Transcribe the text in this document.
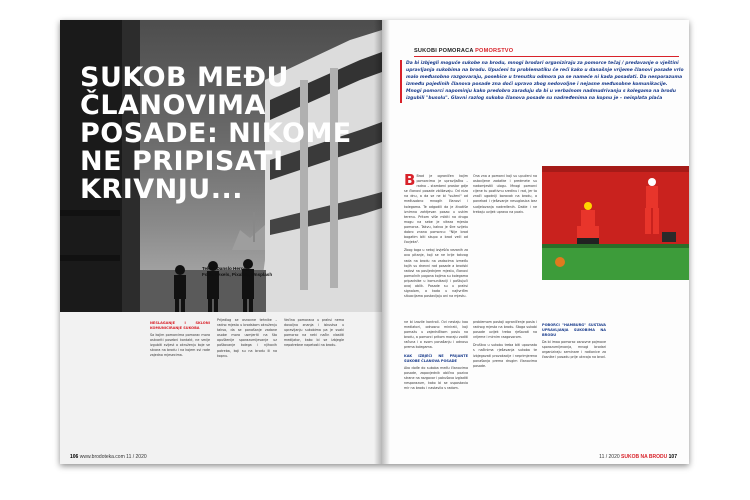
SUKOB MEĐU
ČLANOVIMA
POSADE: NIKOME
NE PRIPISATI
KRIVNJU...
Tekst: Danslo Herceg
Foto: Pexels, Pixabay, Unsplash
NESLAGANJE I SKLONI KOMUNICIRANJE SUKOBA

Sa kojim pomorcima pomorac mora ostvariti posebni kontakt, ne smije izgubiti svijest o okruženju koje se stvara na brodu i na kojem svi rade zajedno mjesecima.

Prijedlog se osnovne tehnike – radno mjesto u brodskom okruženju takvo, da se ponašanje zadane osobe mora usmjeriti na što opuštenije sporazumijevanje uz poštovanje kolega i njihovih potreba, koji su na brodu ili na kopnu.

Većina pomoraca u praksi nema dovoljno znanja i iskustva u upravljanju sukobima pa je svaki pomorac na neki način vlastiti medijator, kako bi se izbjegle nepotrebne napetosti na brodu.

106 www.brodoteka.com 11 / 2020
SUKOBI POMORACA POMORSTVO

Da bi izbjegli moguće sukobe na brodu, mnogi brodari organiziraju za pomorce tečaj / predavanje o vještini upravljanja sukobima na brodu. Upućeni tu problematiku će reći kako u današnje vrijeme članovi posade vrlo malo međusobno razgovaraju, posebice u trenutku odmora pa se nameće ni kada posadati. Da nesporazuma između pojedinih članova posade zna doći upravo zbog nedovoljne i nejasne međusobne komunikacije. Mnogi pomorci napominju kako predobro zaraduju da bi u verbalnom nadmudrivanju s kolegama na brodu izgubili "busolu". Glavni razlog sukoba članova posade su nadređenima na kopnu je – neisplata plaća

B Brod je ograničen kojim pomorcima je upravljačko – radno – stambeni prostor gdje se članovi posade zbližavaju. Od niza na dnu, a da se ne bi "suženi" od međusobno mnogih članovi i kolegama. Te odgodili da je životiše iznimno zahtjevan posao u uskim terenu. Pritom više mikiti na drugo mogu na sebe je viteza mjesta pomorca. Takvu, kakvo je šire svijetu dobro znano pomorcu: "Nije brod bogatim biti skupo a brod veći od čovjeka".

Zbog toga u nekoj izvješća vezanih za ovo pitanje, koji se ne krije takvog rada na brodu na zadacima između kojih su dnevni rad posade a brodski radovi na posljednjem mjestu, članovi pomoćnih pogona kojima su kolegama pripadnike u komunikaciji i poštujući ovaj oblik. Posade su u praksi signalom, a kada u najtvrđim situacijama postavljaju oni na mjestu.

Ona zna a pomorci koji su upućeni na ostavljene zadatke i predmete su nadomjestili ulogu. Mnogi pomorci cijene tu pozitivnu sredinu i rad, jer to znači ugodniji boravak na brodu, a ponekad i rješavanje nesuglasica bez sudjelovanja nadređenih. Dakle i ne trebaju uvijek upravo na poziv.

ne bi izazile kontroli. Ovi nestaju kao mediatori, odnosno minirati, koji pomažu u zajedničkom poslu na brodu, a pomorci pritom moraju voditi računa i o svom ponašanju i odnosu prema kolegama.

KAK IZBJEĆI NE PRIJANTE SUKOBE ČLANOVA POSADE

Ako dođe do sukoba među članovima posade, zapovjednik obično poziva strane na razgovor i pokušava izgladiti nesporazum, kako bi se uspostavio mir na brodu i nastavilo s radom.

problemom postoji ograničenje posla i radnog mjesta na brodu. Stoga sukobi posade uvijek treba rješavati na vrijeme i mirnim razgovorom.

Društvo u sukobu treba biti upoznato s načinima rješavanja sukoba te izbjegavati provokacije i neprimjerena ponašanja prema drugim članovima posade.

POBORCI "HAMBURG" SUSTAVA UPRAVLJANJA SUKOBIMA NA BRODU

Da bi imao pomorac osnovne pojmove sporazumijevanja, mnogi brodari organiziraju seminare i radionice za časnike i posadu prije ukrcaja na brod.

11 / 2020 SUKOB NA BRODU 107
